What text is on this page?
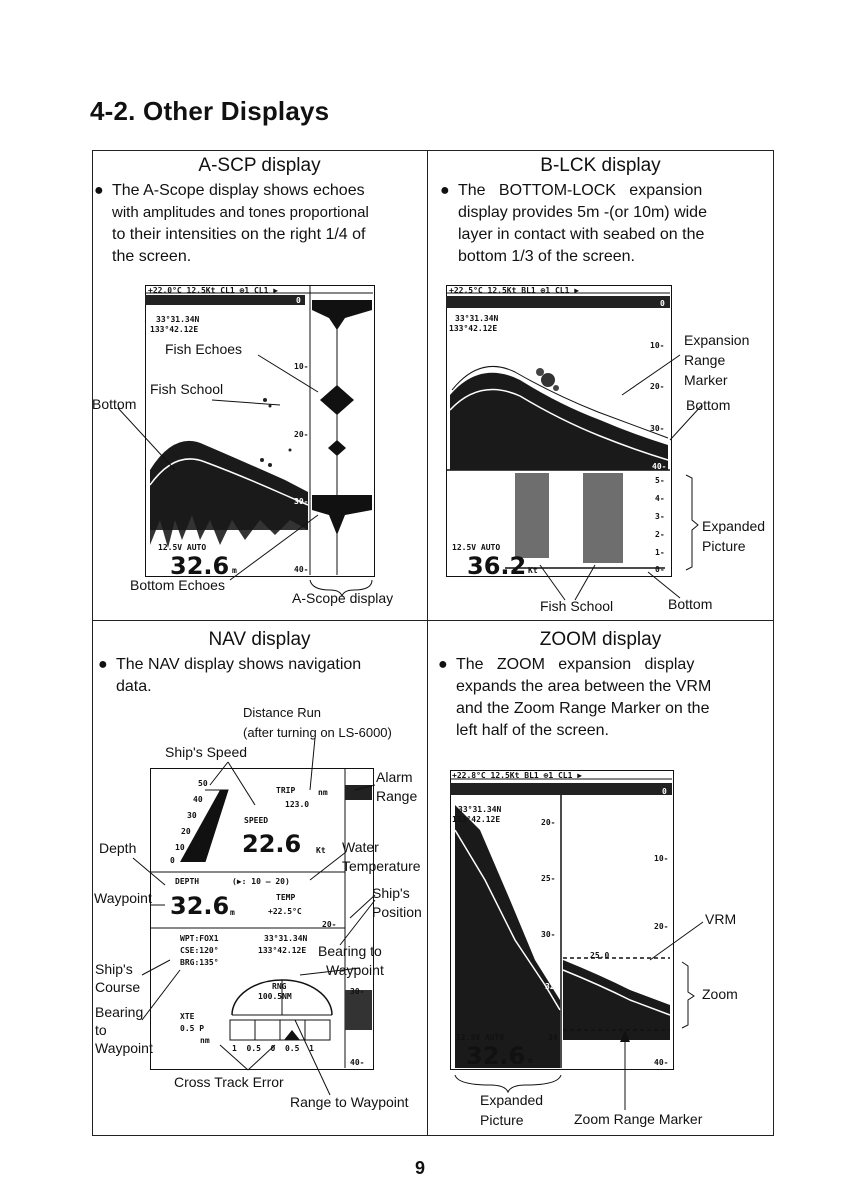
4-2. Other Displays
A-SCP display
● The A-Scope display shows echoes
with amplitudes and tones proportional
to their intensities on the right 1/4 of
the screen.
+22.0°C 12.5Kt CL1 ⊕1 CL1 ▶
33°31.34N
133°42.12E
0
10-
20-
30-
40-
12.5V AUTO
32.6 m
Fish Echoes
Fish School
Bottom
Bottom Echoes
A-Scope display
B-LCK display
● The   BOTTOM-LOCK   expansion
display provides 5m -(or 10m) wide
layer in contact with seabed on the
bottom 1/3 of the screen.
+22.5°C 12.5Kt BL1 ⊕1 CL1 ▶
33°31.34N
133°42.12E
0
10-
20-
30-
40-
5-
4-
3-
2-
1-
0-
12.5V AUTO
36.2 Kt
Expansion
Range
Marker
Bottom
Expanded
Picture
Fish School	Bottom
NAV display
● The NAV display shows navigation
data.
Distance Run
(after turning on LS-6000)
Ship's Speed
50
40
30
20
10
0
TRIP	nm
123.0
SPEED
22.6 Kt
DEPTH	(▶: 10 — 20)
32.6 m
TEMP
+22.5°C
20-
WPT:FOX1
CSE:120°
BRG:135°
33°31.34N
133°42.12E
RNG
100.5NM
30-
XTE
0.5 P
nm
1  0.5  0  0.5  1
40-
Alarm
Range
Depth	Water
Temperature
Waypoint	Ship's
Position
Bearing to
Waypoint
Ship's
Course
Bearing
to
Waypoint
Cross Track Error
Range to Waypoint
ZOOM display
● The   ZOOM   expansion   display
expands the area between the VRM
and the Zoom Range Marker on the
left half of the screen.
+22.8°C 12.5Kt BL1 ⊕1 CL1 ▶
33°31.34N
133°42.12E	20-
25-
30-
0
10-
20-
30-
40-
25.0
32
34
12.5V AUTO
32.6 m
VRM
Zoom
Expanded
Picture	Zoom Range Marker
9
